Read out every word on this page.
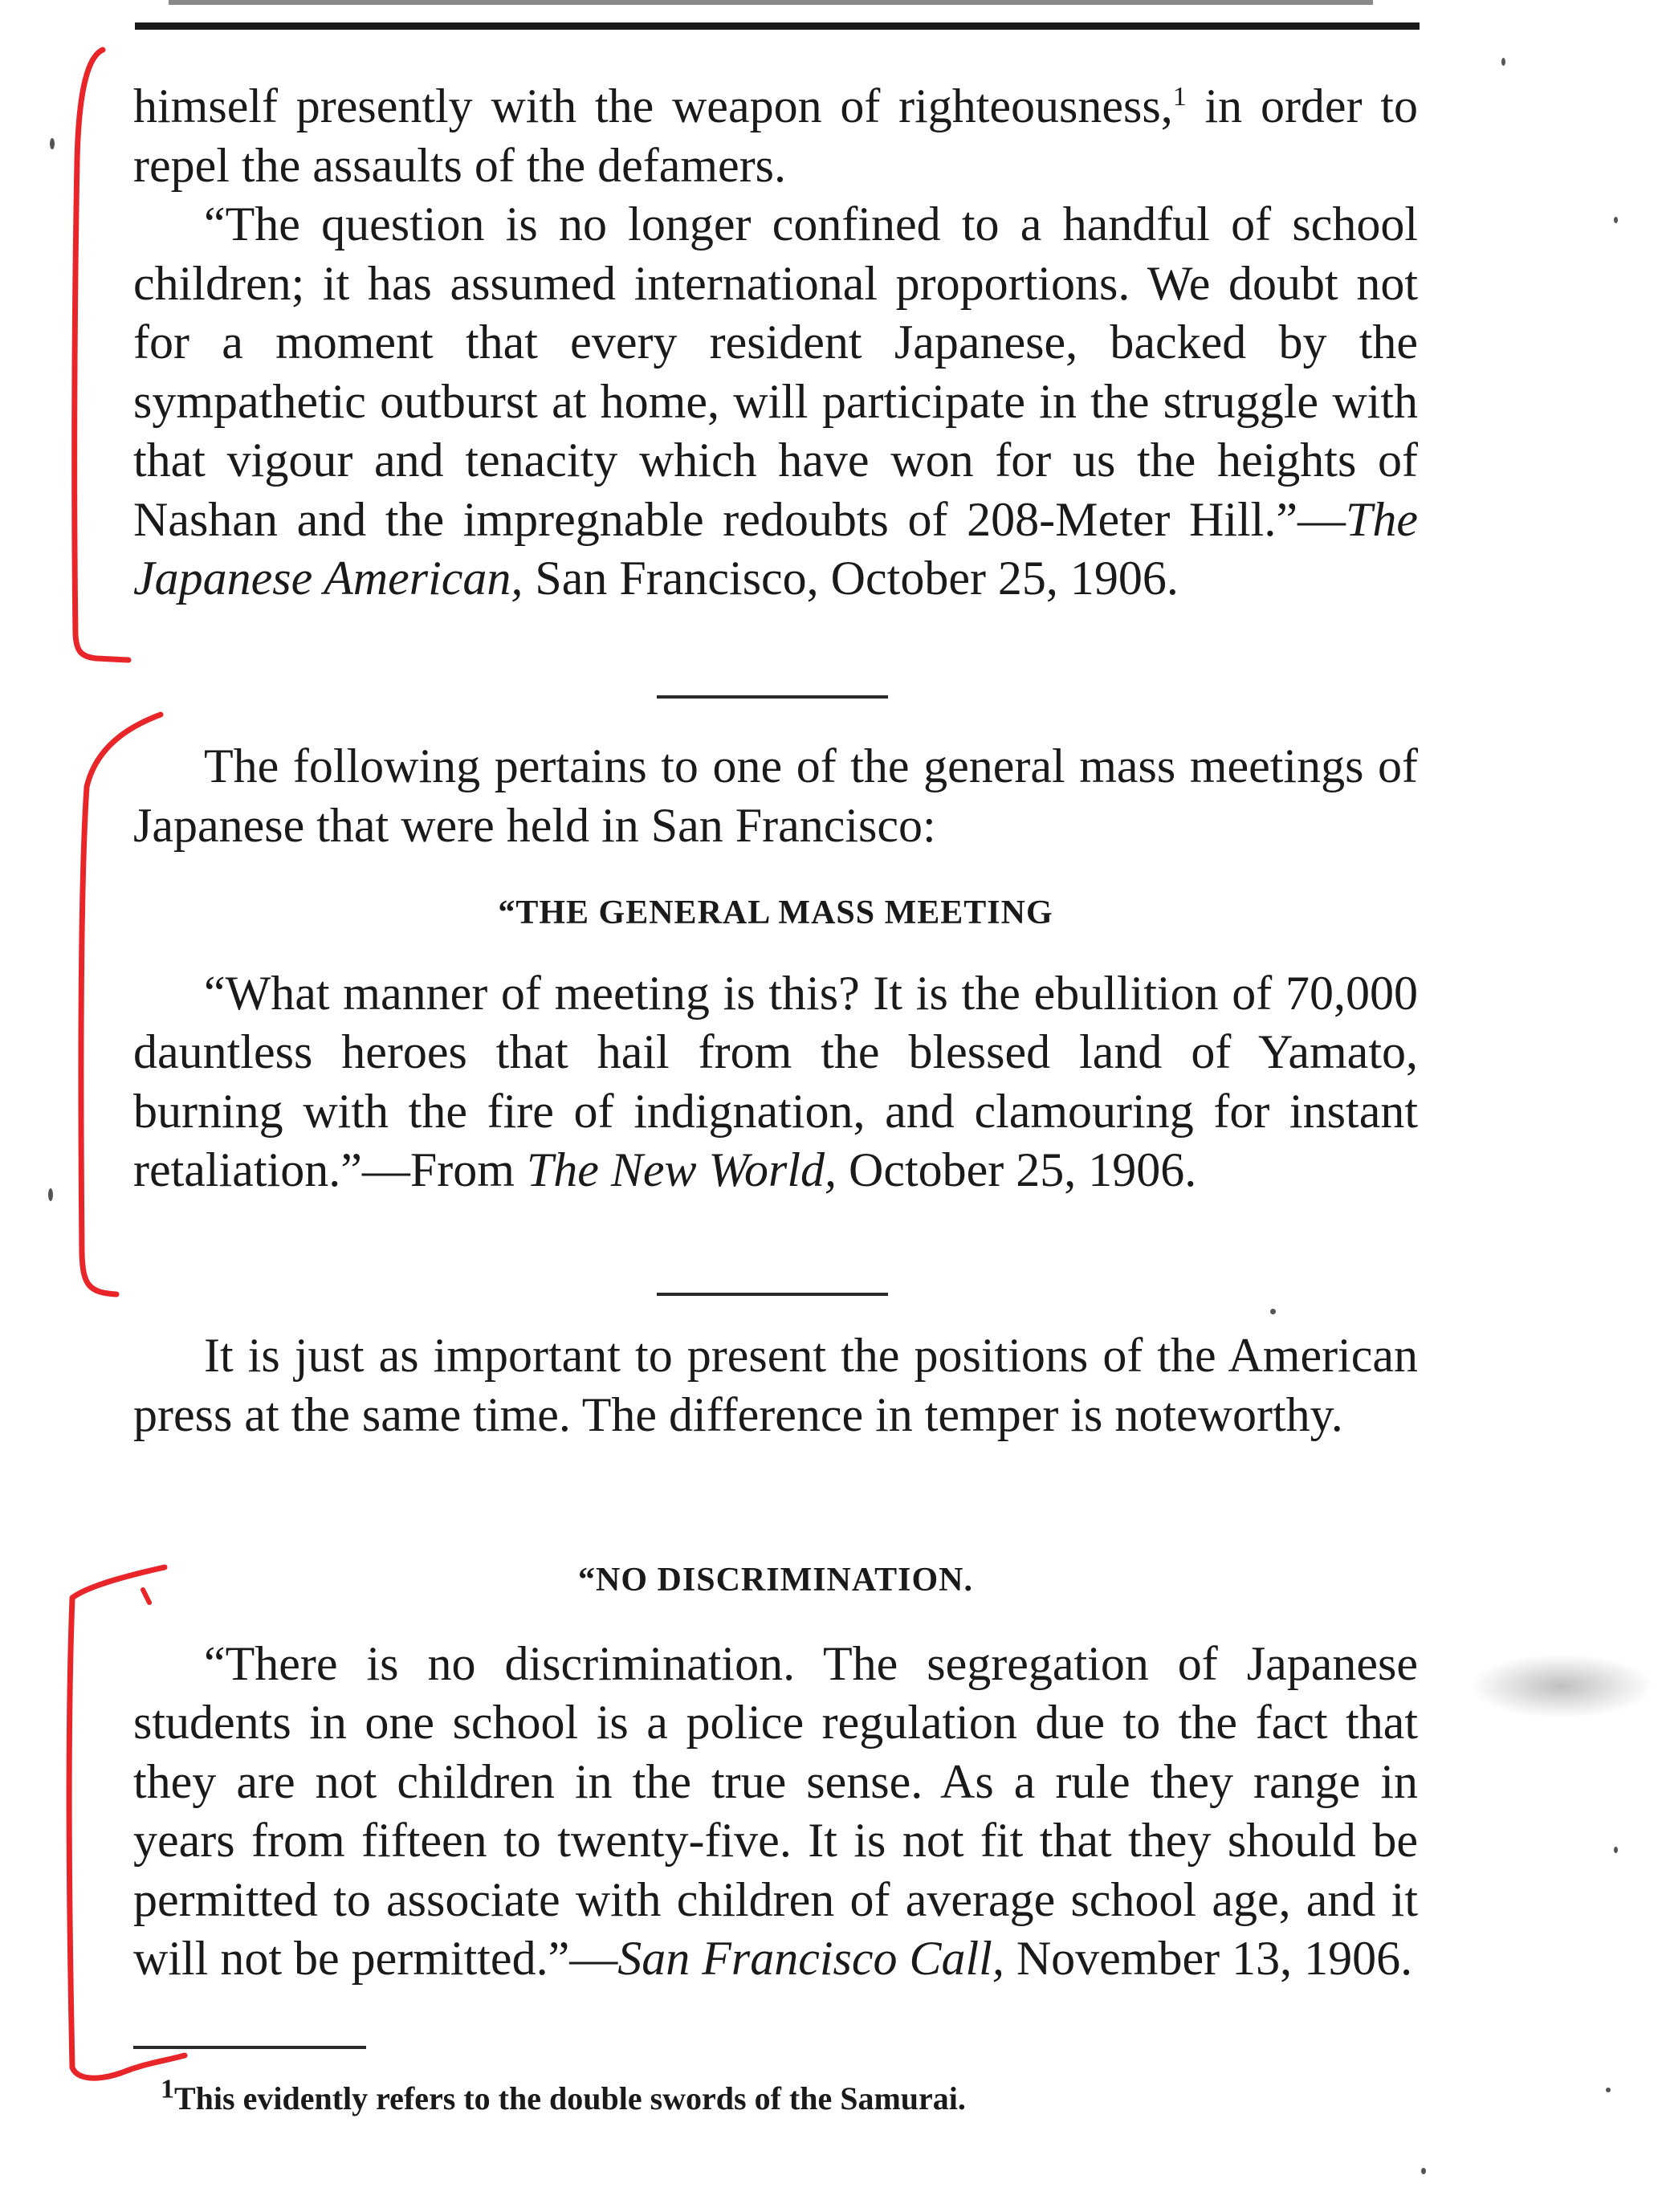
himself presently with the weapon of righteousness,$^1$ in order to repel the assaults of the defamers.

“The question is no longer confined to a handful of school children; it has assumed international proportions. We doubt not for a moment that every resident Japanese, backed by the sympathetic outburst at home, will participate in the struggle with that vigour and tenacity which have won for us the heights of Nashan and the impregnable redoubts of 208-Meter Hill.”—The Japanese American, San Francisco, October 25, 1906.

The following pertains to one of the general mass meetings of Japanese that were held in San Francisco:

“THE GENERAL MASS MEETING

“What manner of meeting is this? It is the ebullition of 70,000 dauntless heroes that hail from the blessed land of Yamato, burning with the fire of indignation, and clamouring for instant retaliation.”—From The New World, October 25, 1906.

It is just as important to present the positions of the American press at the same time. The difference in temper is noteworthy.

“NO DISCRIMINATION.

“There is no discrimination. The segregation of Japanese students in one school is a police regulation due to the fact that they are not children in the true sense. As a rule they range in years from fifteen to twenty-five. It is not fit that they should be permitted to associate with children of average school age, and it will not be permitted.”—San Francisco Call, November 13, 1906.

$^1$This evidently refers to the double swords of the Samurai.
